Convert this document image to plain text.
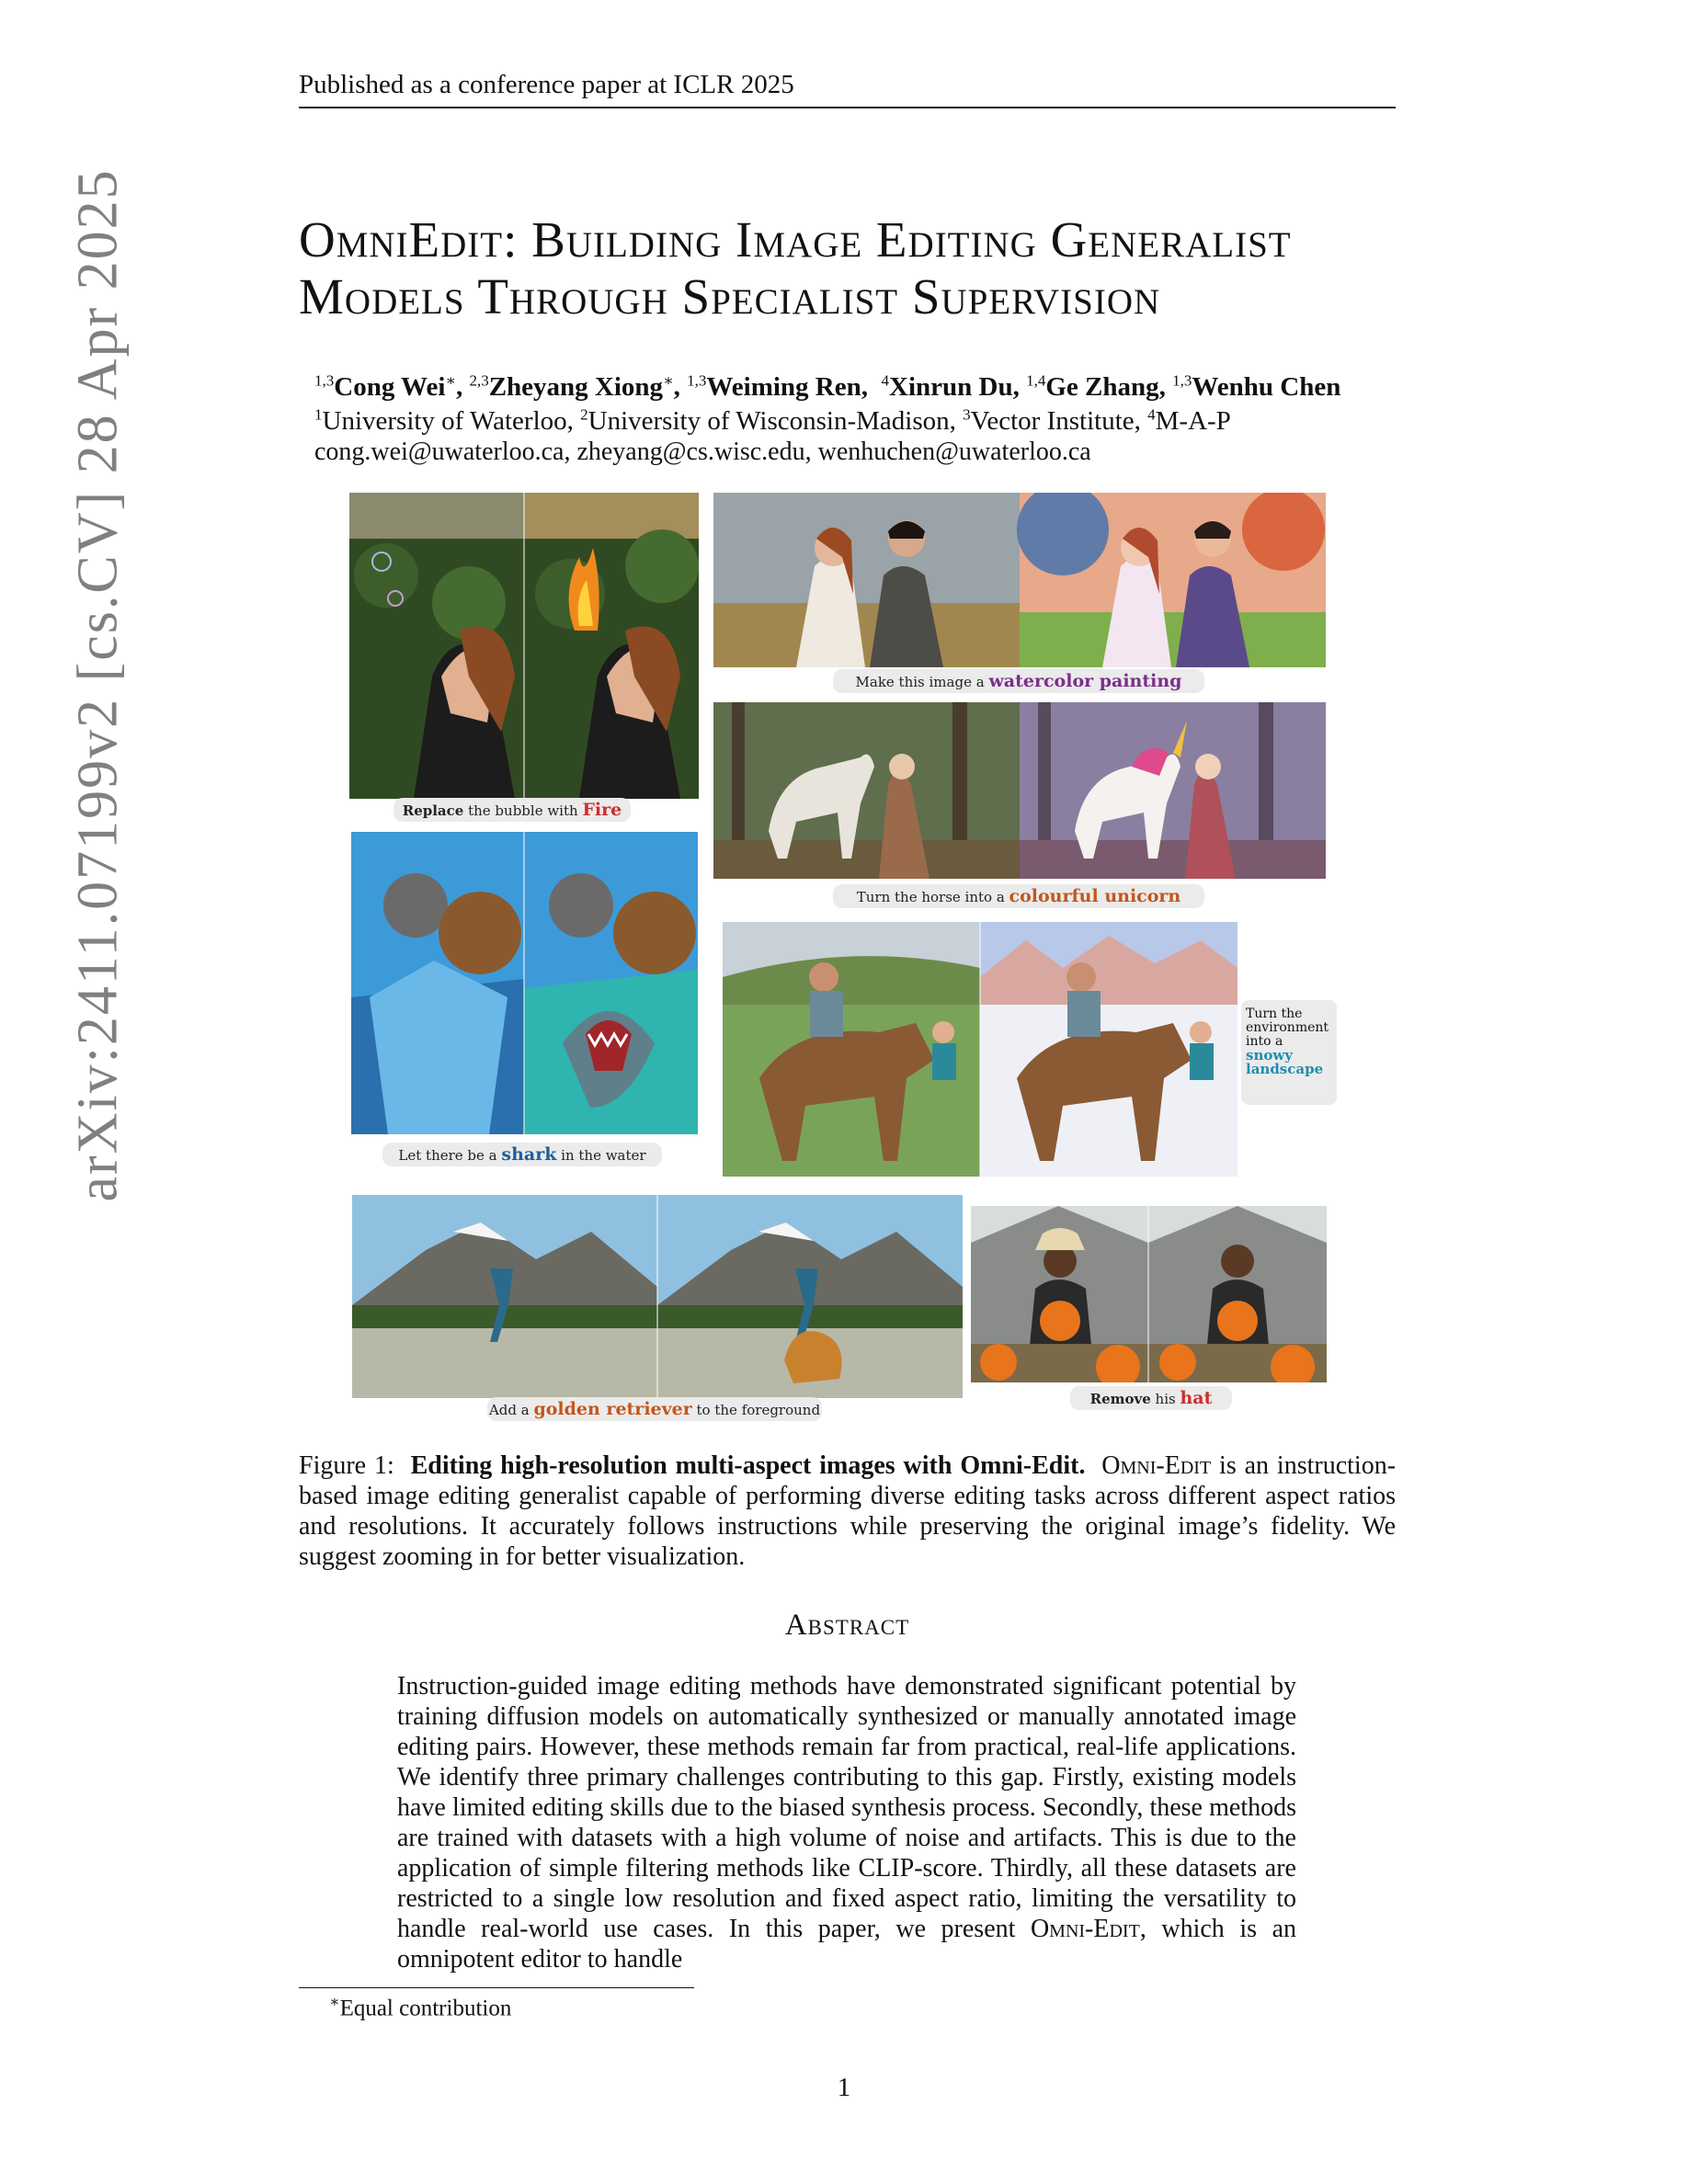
Published as a conference paper at ICLR 2025
arXiv:2411.07199v2 [cs.CV] 28 Apr 2025	OmniEdit: Building Image Editing Generalist
Models Through Specialist Supervision
$^{1,3}$Cong Wei∗, $^{2,3}$Zheyang Xiong∗, $^{1,3}$Weiming Ren,  $^4$Xinrun Du, $^{1,4}$Ge Zhang, $^{1,3}$Wenhu Chen
$^1$University of Waterloo, $^2$University of Wisconsin-Madison, $^3$Vector Institute, $^4$M-A-P
cong.wei@uwaterloo.ca, zheyang@cs.wisc.edu, wenhuchen@uwaterloo.ca
Replace the bubble with Fire
Make this image a watercolor painting
Turn the horse into a colourful unicorn
Let there be a shark in the water
Turn the
environment
into a
snowy
landscape
Add a golden retriever to the foreground
Remove his hat
Figure 1: Editing high-resolution multi-aspect images with Omni-Edit. Omni-Edit is an instruction-based image editing generalist capable of performing diverse editing tasks across different aspect ratios and resolutions. It accurately follows instructions while preserving the original image’s fidelity. We suggest zooming in for better visualization.
Abstract
Instruction-guided image editing methods have demonstrated significant potential by training diffusion models on automatically synthesized or manually annotated image editing pairs. However, these methods remain far from practical, real-life applications. We identify three primary challenges contributing to this gap. Firstly, existing models have limited editing skills due to the biased synthesis process. Secondly, these methods are trained with datasets with a high volume of noise and artifacts. This is due to the application of simple filtering methods like CLIP-score. Thirdly, all these datasets are restricted to a single low resolution and fixed aspect ratio, limiting the versatility to handle real-world use cases. In this paper, we present Omni-Edit, which is an omnipotent editor to handle
∗Equal contribution
1
